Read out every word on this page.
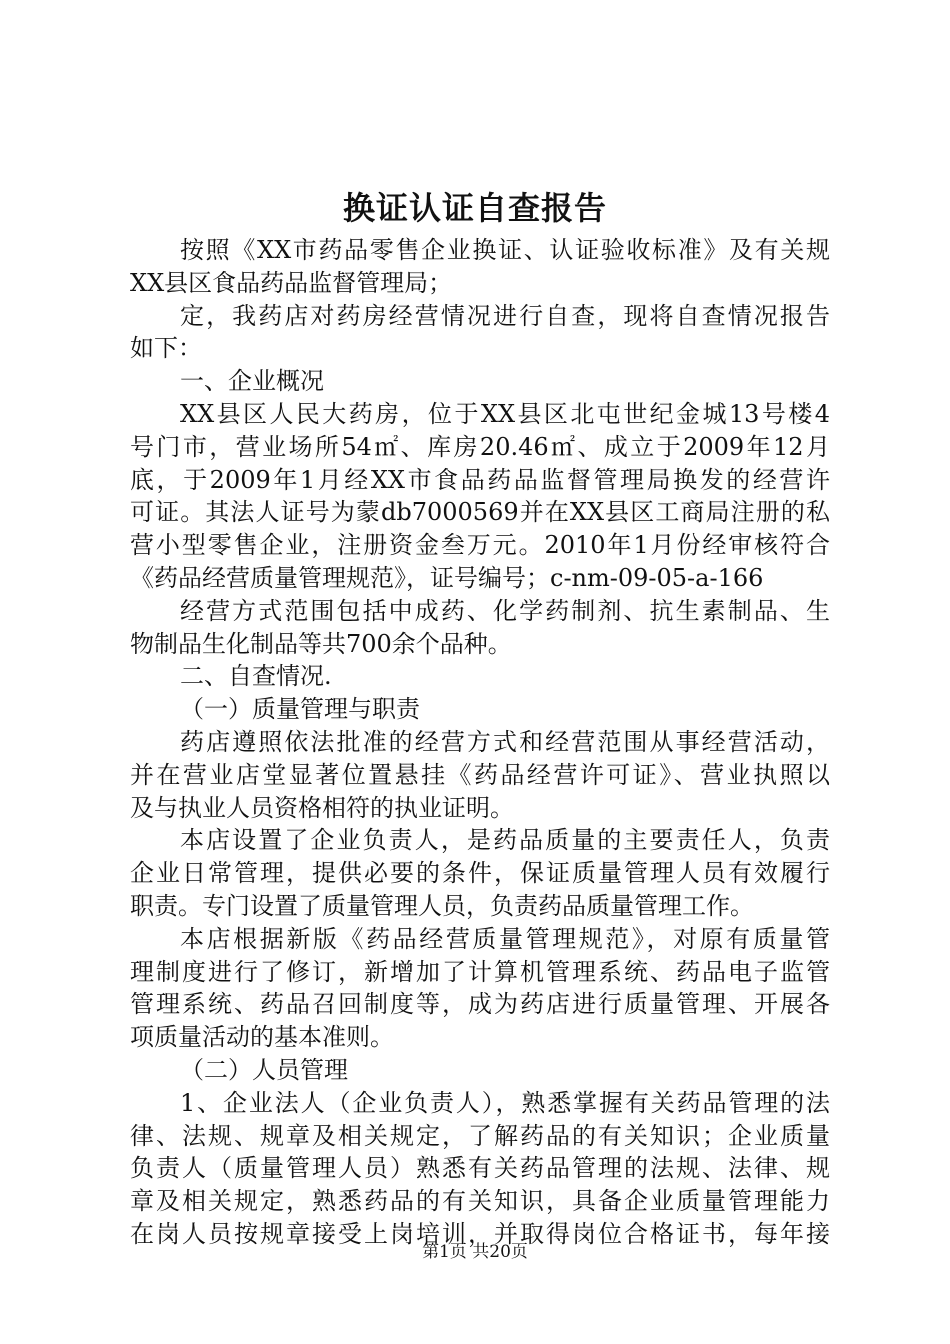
换证认证自查报告
按照《XX市药品零售企业换证、认证验收标准》及有关规
XX县区食品药品监督管理局；
定，我药店对药房经营情况进行自查，现将自查情况报告
如下：
一、企业概况
XX县区人民大药房，位于XX县区北屯世纪金城13号楼4
号门市，营业场所54㎡、库房20.46㎡、成立于2009年12月
底，于2009年1月经XX市食品药品监督管理局换发的经营许
可证。其法人证号为蒙db7000569并在XX县区工商局注册的私
营小型零售企业，注册资金叁万元。2010年1月份经审核符合
《药品经营质量管理规范》，证号编号；c-nm-09-05-a-166
经营方式范围包括中成药、化学药制剂、抗生素制品、生
物制品生化制品等共700余个品种。
二、自查情况.
（一）质量管理与职责
药店遵照依法批准的经营方式和经营范围从事经营活动，
并在营业店堂显著位置悬挂《药品经营许可证》、营业执照以
及与执业人员资格相符的执业证明。
本店设置了企业负责人，是药品质量的主要责任人，负责
企业日常管理，提供必要的条件，保证质量管理人员有效履行
职责。专门设置了质量管理人员，负责药品质量管理工作。
本店根据新版《药品经营质量管理规范》，对原有质量管
理制度进行了修订，新增加了计算机管理系统、药品电子监管
管理系统、药品召回制度等，成为药店进行质量管理、开展各
项质量活动的基本准则。
（二）人员管理
1、企业法人（企业负责人），熟悉掌握有关药品管理的法
律、法规、规章及相关规定，了解药品的有关知识；企业质量
负责人（质量管理人员）熟悉有关药品管理的法规、法律、规
章及相关规定，熟悉药品的有关知识，具备企业质量管理能力
在岗人员按规章接受上岗培训，并取得岗位合格证书，每年接
第1页 共20页
